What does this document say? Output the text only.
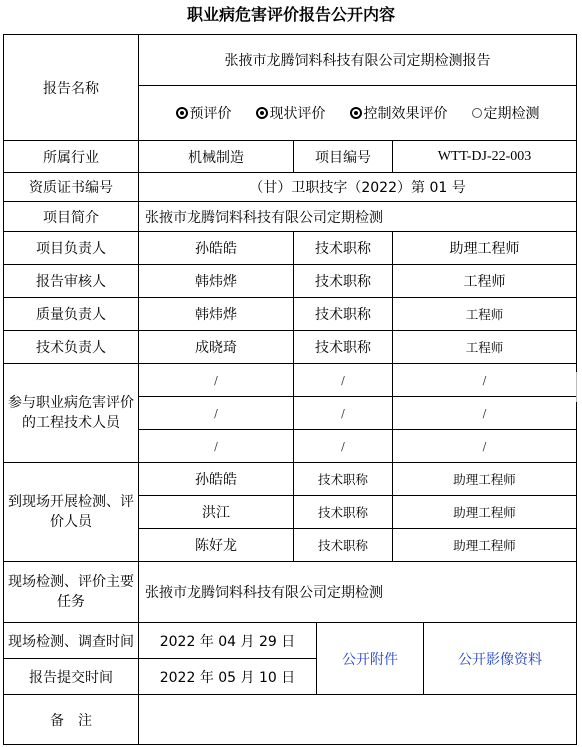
职业病危害评价报告公开内容
报告名称	张掖市龙腾饲料科技有限公司定期检测报告				

	预评价 现状评价 控制效果评价 定期检测				

所属行业	机械制造	项目编号		WTT-DJ-22-003	
资质证书编号	（甘）卫职技字（2022）第 01 号				
项目简介	张掖市龙腾饲料科技有限公司定期检测				
项目负责人	孙皓皓	技术职称		助理工程师	
报告审核人	韩炜烨	技术职称		工程师	
质量负责人	韩炜烨	技术职称		工程师	
技术负责人	成晓琦	技术职称		工程师	
参与职业病危害评价的工程技术人员	/	/		/	
	/	/		/	
	/	/		/	
到现场开展检测、评价人员	孙皓皓	技术职称		助理工程师	
	洪江	技术职称		助理工程师	
	陈好龙	技术职称		助理工程师	
现场检测、评价主要任务	张掖市龙腾饲料科技有限公司定期检测				
现场检测、调查时间	2022 年 04 月 29 日		公开附件		公开影像资料
报告提交时间	2022 年 05 月 10 日				
备　注					
